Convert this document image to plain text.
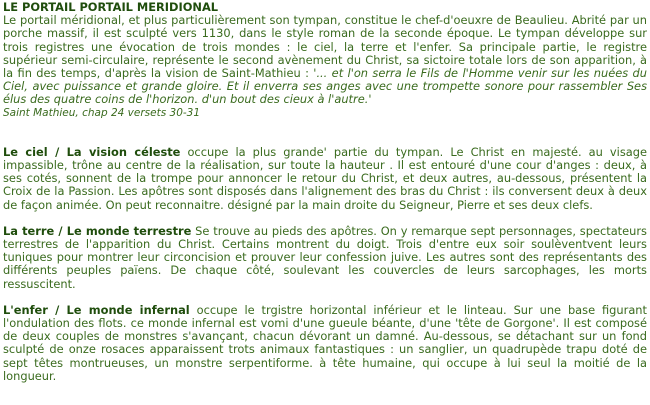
LE PORTAIL PORTAIL MERIDIONAL

Le portail méridional, et plus particulièrement son tympan, constitue le chef-d'oeuxre de Beaulieu. Abrité par un porche massif, il est sculpté vers 1130, dans le style roman de la seconde époque. Le tympan développe sur trois registres une évocation de trois mondes : le ciel, la terre et l'enfer. Sa principale partie, le registre supérieur semi-circulaire, représente le second avènement du Christ, sa sictoire totale lors de son apparition, à la fin des temps, d'après la vision de Saint-Mathieu : '... et l'on serra le Fils de l'Homme venir sur les nuées du Ciel, avec puissance et grande gloire. Et il enverra ses anges avec une trompette sonore pour rassembler Ses élus des quatre coins de l'horizon. d'un bout des cieux à l'autre.'

Saint Mathieu, chap 24 versets 30-31

Le ciel / La vision céleste occupe la plus grande' partie du tympan. Le Christ en majesté. au visage impassible, trône au centre de la réalisation, sur toute la hauteur . Il est entouré d'une cour d'anges : deux, à ses cotés, sonnent de la trompe pour annoncer le retour du Christ, et deux autres, au-dessous, présentent la Croix de la Passion. Les apôtres sont disposés dans l'alignement des bras du Christ : ils conversent deux à deux de façon animée. On peut reconnaitre. désigné par la main droite du Seigneur, Pierre et ses deux clefs.

La terre / Le monde terrestre Se trouve au pieds des apôtres. On y remarque sept personnages, spectateurs terrestres de l'apparition du Christ. Certains montrent du doigt. Trois d'entre eux soir soulèventvent leurs tuniques pour montrer leur circoncision et prouver leur confession juive. Les autres sont des représentants des différents peuples païens. De chaque côté, soulevant les couvercles de leurs sarcophages, les morts ressuscitent.

L'enfer / Le monde infernal occupe le trgistre horizontal inférieur et le linteau. Sur une base figurant l'ondulation des flots. ce monde infernal est vomi d'une gueule béante, d'une 'tête de Gorgone'. Il est composé de deux couples de monstres s'avançant, chacun dévorant un damné. Au-dessous, se détachant sur un fond sculpté de onze rosaces apparaissent trots animaux fantastiques : un sanglier, un quadrupède trapu doté de sept têtes montrueuses, un monstre serpentiforme. à tête humaine, qui occupe à lui seul la moitié de la longueur.
